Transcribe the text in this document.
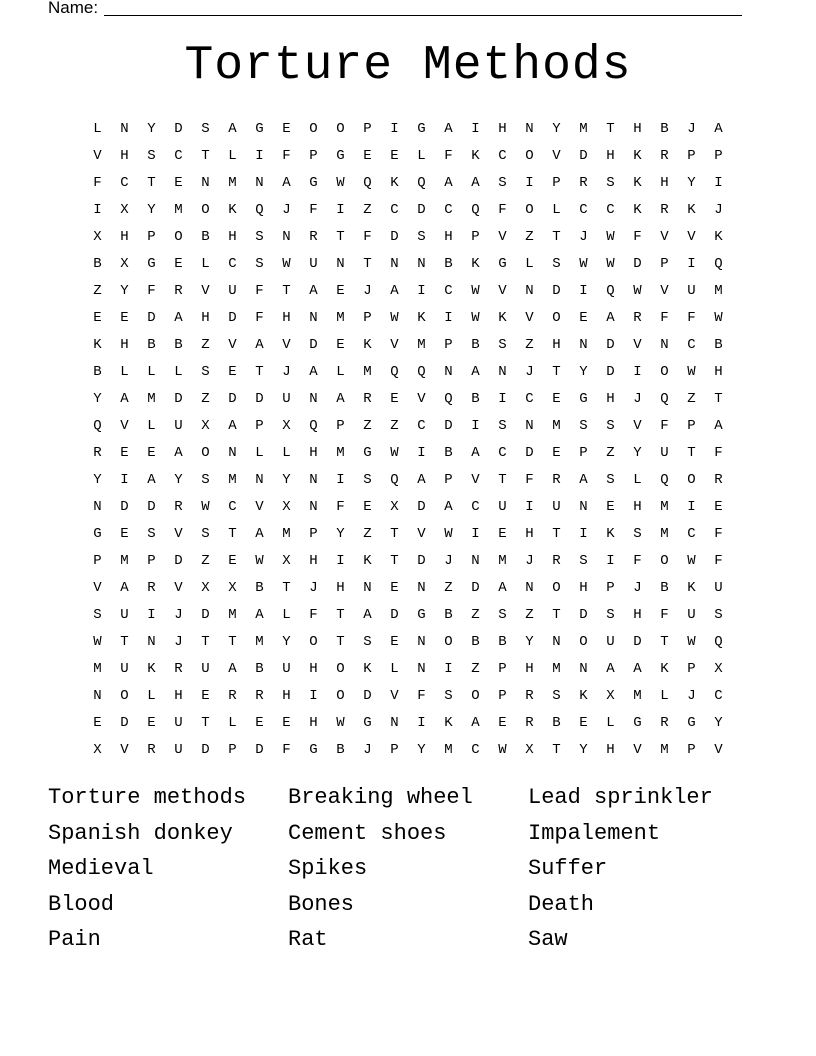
Name:
Torture Methods
L	N	Y	D	S	A	G	E	O	O	P	I	G	A	I	H	N	Y	M	T	H	B	J	A
V	H	S	C	T	L	I	F	P	G	E	E	L	F	K	C	O	V	D	H	K	R	P	P
F	C	T	E	N	M	N	A	G	W	Q	K	Q	A	A	S	I	P	R	S	K	H	Y	I
I	X	Y	M	O	K	Q	J	F	I	Z	C	D	C	Q	F	O	L	C	C	K	R	K	J
X	H	P	O	B	H	S	N	R	T	F	D	S	H	P	V	Z	T	J	W	F	V	V	K
B	X	G	E	L	C	S	W	U	N	T	N	N	B	K	G	L	S	W	W	D	P	I	Q
Z	Y	F	R	V	U	F	T	A	E	J	A	I	C	W	V	N	D	I	Q	W	V	U	M
E	E	D	A	H	D	F	H	N	M	P	W	K	I	W	K	V	O	E	A	R	F	F	W
K	H	B	B	Z	V	A	V	D	E	K	V	M	P	B	S	Z	H	N	D	V	N	C	B
B	L	L	L	S	E	T	J	A	L	M	Q	Q	N	A	N	J	T	Y	D	I	O	W	H
Y	A	M	D	Z	D	D	U	N	A	R	E	V	Q	B	I	C	E	G	H	J	Q	Z	T
Q	V	L	U	X	A	P	X	Q	P	Z	Z	C	D	I	S	N	M	S	S	V	F	P	A
R	E	E	A	O	N	L	L	H	M	G	W	I	B	A	C	D	E	P	Z	Y	U	T	F
Y	I	A	Y	S	M	N	Y	N	I	S	Q	A	P	V	T	F	R	A	S	L	Q	O	R
N	D	D	R	W	C	V	X	N	F	E	X	D	A	C	U	I	U	N	E	H	M	I	E
G	E	S	V	S	T	A	M	P	Y	Z	T	V	W	I	E	H	T	I	K	S	M	C	F
P	M	P	D	Z	E	W	X	H	I	K	T	D	J	N	M	J	R	S	I	F	O	W	F
V	A	R	V	X	X	B	T	J	H	N	E	N	Z	D	A	N	O	H	P	J	B	K	U
S	U	I	J	D	M	A	L	F	T	A	D	G	B	Z	S	Z	T	D	S	H	F	U	S
W	T	N	J	T	T	M	Y	O	T	S	E	N	O	B	B	Y	N	O	U	D	T	W	Q
M	U	K	R	U	A	B	U	H	O	K	L	N	I	Z	P	H	M	N	A	A	K	P	X
N	O	L	H	E	R	R	H	I	O	D	V	F	S	O	P	R	S	K	X	M	L	J	C
E	D	E	U	T	L	E	E	H	W	G	N	I	K	A	E	R	B	E	L	G	R	G	Y
X	V	R	U	D	P	D	F	G	B	J	P	Y	M	C	W	X	T	Y	H	V	M	P	V
Torture methods	Breaking wheel	Lead sprinkler
Spanish donkey	Cement shoes	Impalement
Medieval	Spikes	Suffer
Blood	Bones	Death
Pain	Rat	Saw
